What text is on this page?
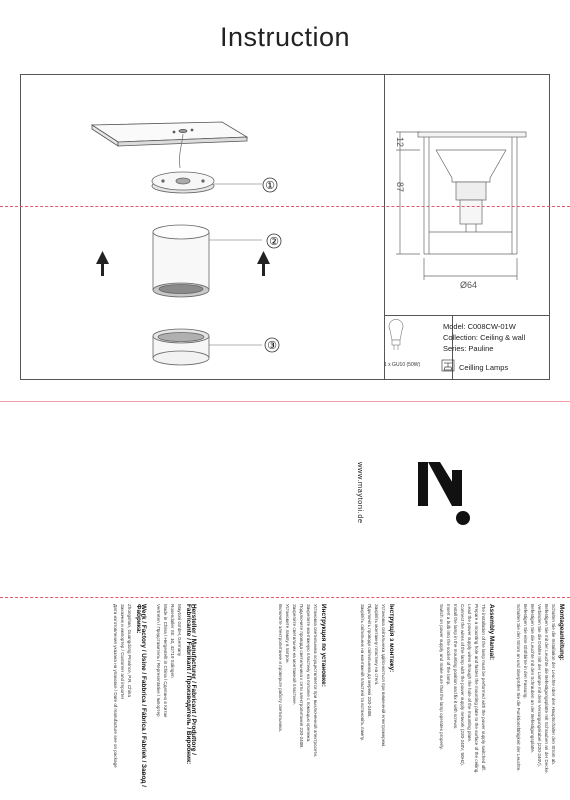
Instruction
①
②
③
12
87
Ø64
1 x GU10 (50W)
Model: C008CW-01W
Collection: Ceiling & wall
Series: Pauline
Ceilling Lamps
www.maytoni.de
Montageanleitung:

Schalten Sie die Installation der Leuchte über den Hauptschalter den Strom ab.

Befestigen Sie mit der Leuchte die Befestigungsplatte mit Schrauben an der Decke.

Verbinden Sie die Drähte mit der Lampe mit dem Versorgungskabel (220-240V).

Befestigen Sie die Leuchte mit den Schrauben an der Befestigungsplatte.

Befestigen Sie eine Glühbirne in den Fassung.

Schalten Sie den Strom an und überprüfen Sie die Funktionsfähigkeit der Leuchte.

Assembly Manual:

The installation of the lamp must be performed with the power supply switched off.

Prepare a mounting hole and fasten the mounting plate to the surface of the ceiling.

Lead the power supply wires through the hole of the mounting plate.

Connect the wires of the lamp with the power supply network (220-240V, 50Hz).

Install the lamp in the mounting position and fix it with screws.

Insert a bulb into the socket of the lamp.

Switch on power supply and make sure that the lamp operates properly.

Інструкція з монтажу:

Установка світильника здійснюється при вимкненій електромережі.

Закріпіть монтажну пластину на стелі.

Підключіть проводи світильника до мережі 220-240В.

Закріпіть світильник на монтажній пластині та встановіть лампу.

Инструкция по установке:

Установка светильника осуществляется при выключенной электросети.

Закрепите монтажную пластину на потолке с помощью крепежа.

Подключите провода светильника к сети электропитания 220-240В.

Закрепите светильник на монтажной пластине.

Установите лампу в патрон.

Включите электропитание и проверьте работу светильника.

Hersteller / Manufacturer / Fabricant / Produttore / Fabricante / Fabrikant / Производитель / Виробник:

Maytoni GmbH, Germany

Rosendaller Str. 10, 42719 Solingen

Made in China / Hergestellt in China / Сделано в Китае

Vertreten / Представитель / Representative / Імпортер

Werk / Factory / Usine / Fabbrica / Fábrica / Fabriek / Завод / Фабрика:

Zhongshan, Guangdong Province, P.R. China

Заказчик и импортер / Customer and importer

Дата изготовления указана на упаковке / Date of manufacture see on package
